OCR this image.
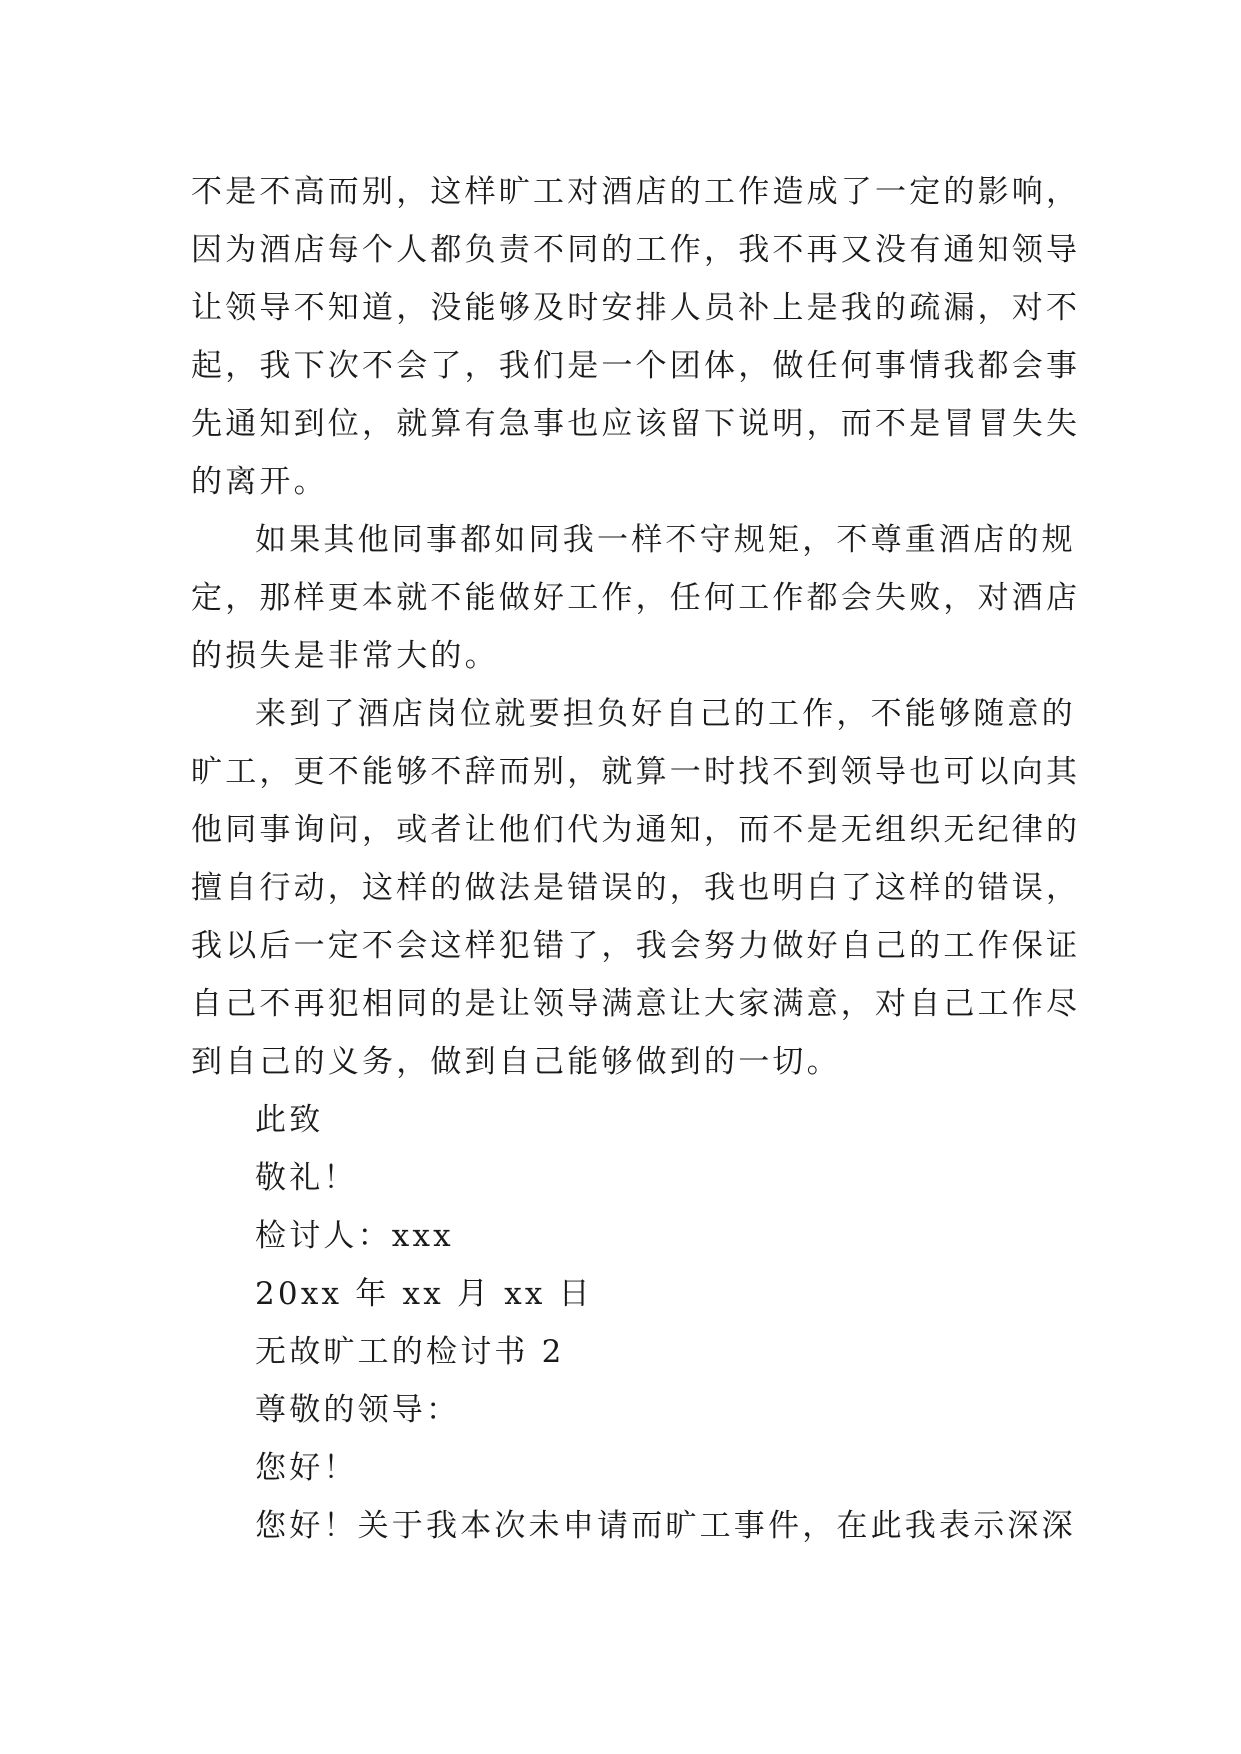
不是不高而别，这样旷工对酒店的工作造成了一定的影响，
因为酒店每个人都负责不同的工作，我不再又没有通知领导
让领导不知道，没能够及时安排人员补上是我的疏漏，对不
起，我下次不会了，我们是一个团体，做任何事情我都会事
先通知到位，就算有急事也应该留下说明，而不是冒冒失失
的离开。
如果其他同事都如同我一样不守规矩，不尊重酒店的规
定，那样更本就不能做好工作，任何工作都会失败，对酒店
的损失是非常大的。
来到了酒店岗位就要担负好自己的工作，不能够随意的
旷工，更不能够不辞而别，就算一时找不到领导也可以向其
他同事询问，或者让他们代为通知，而不是无组织无纪律的
擅自行动，这样的做法是错误的，我也明白了这样的错误，
我以后一定不会这样犯错了，我会努力做好自己的工作保证
自己不再犯相同的是让领导满意让大家满意，对自己工作尽
到自己的义务，做到自己能够做到的一切。
此致
敬礼！
检讨人：xxx
20xx 年 xx 月 xx 日
无故旷工的检讨书 2
尊敬的领导：
您好！
您好！关于我本次未申请而旷工事件，在此我表示深深
